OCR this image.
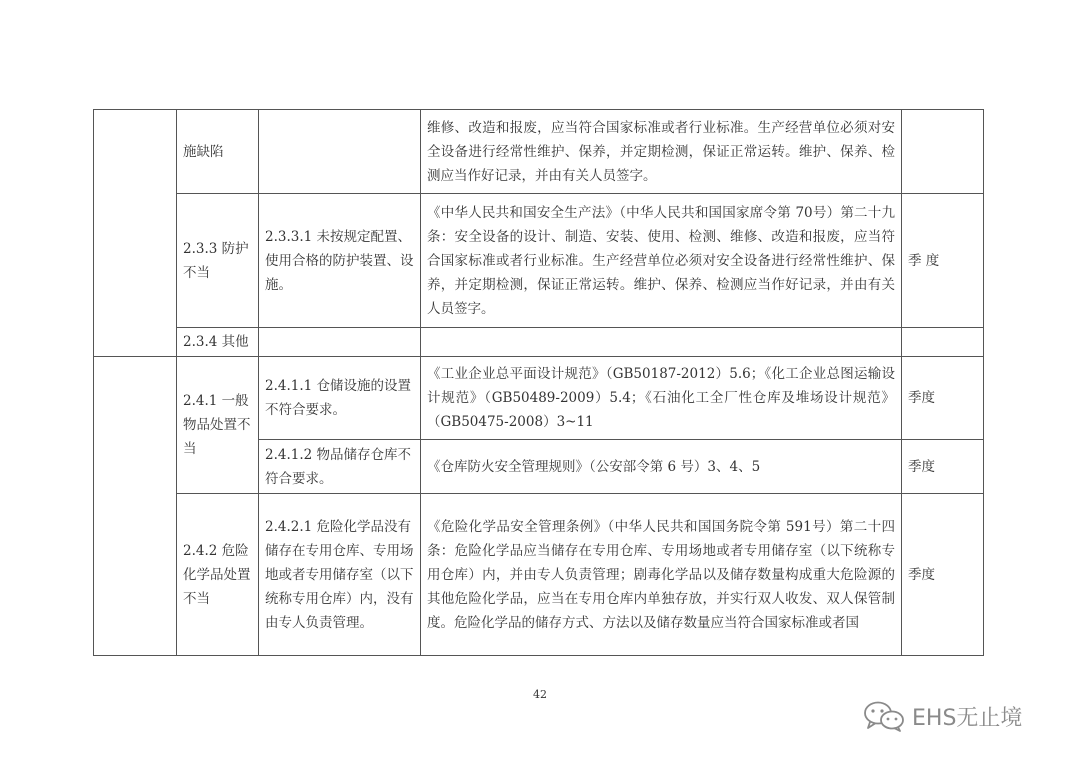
	施缺陷		维修、改造和报废，应当符合国家标准或者行业标准。生产经营单位必须对安全设备进行经常性维护、保养，并定期检测，保证正常运转。维护、保养、检测应当作好记录，并由有关人员签字。	
	2.3.3 防护不当	2.3.3.1 未按规定配置、使用合格的防护装置、设施。	《中华人民共和国安全生产法》（中华人民共和国国家席令第 70号）第二十九条：安全设备的设计、制造、安装、使用、检测、维修、改造和报废，应当符合国家标准或者行业标准。生产经营单位必须对安全设备进行经常性维护、保养，并定期检测，保证正常运转。维护、保养、检测应当作好记录，并由有关人员签字。	季 度
	2.3.4 其他			
	2.4.1 一般物品处置不当	2.4.1.1 仓储设施的设置不符合要求。	《工业企业总平面设计规范》（GB50187-2012）5.6；《化工企业总图运输设计规范》（GB50489-2009）5.4；《石油化工全厂性仓库及堆场设计规范》（GB50475-2008）3~11	季度
		2.4.1.2 物品储存仓库不符合要求。	《仓库防火安全管理规则》（公安部令第 6 号）3、4、5	季度
	2.4.2 危险化学品处置不当	2.4.2.1 危险化学品没有储存在专用仓库、专用场地或者专用储存室（以下统称专用仓库）内，没有由专人负责管理。	《危险化学品安全管理条例》（中华人民共和国国务院令第 591号）第二十四条：危险化学品应当储存在专用仓库、专用场地或者专用储存室（以下统称专用仓库）内，并由专人负责管理；剧毒化学品以及储存数量构成重大危险源的其他危险化学品，应当在专用仓库内单独存放，并实行双人收发、双人保管制度。危险化学品的储存方式、方法以及储存数量应当符合国家标准或者国	季度
42
EHS无止境
